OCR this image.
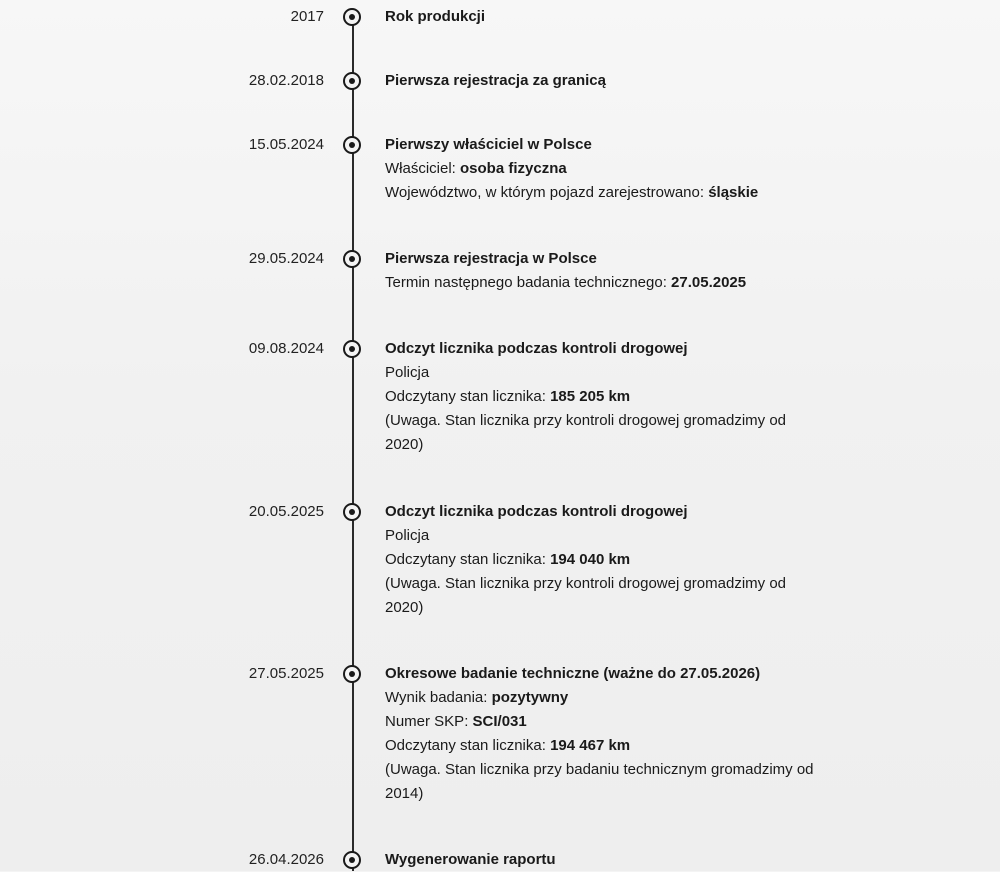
2017	Rok produkcji
28.02.2018	Pierwsza rejestracja za granicą
15.05.2024	Pierwszy właściciel w Polsce
Właściciel: osoba fizyczna
Województwo, w którym pojazd zarejestrowano: śląskie
29.05.2024	Pierwsza rejestracja w Polsce
Termin następnego badania technicznego: 27.05.2025
09.08.2024	Odczyt licznika podczas kontroli drogowej
Policja
Odczytany stan licznika: 185 205 km
(Uwaga. Stan licznika przy kontroli drogowej gromadzimy od
2020)
20.05.2025	Odczyt licznika podczas kontroli drogowej
Policja
Odczytany stan licznika: 194 040 km
(Uwaga. Stan licznika przy kontroli drogowej gromadzimy od
2020)
27.05.2025	Okresowe badanie techniczne (ważne do 27.05.2026)
Wynik badania: pozytywny
Numer SKP: SCI/031
Odczytany stan licznika: 194 467 km
(Uwaga. Stan licznika przy badaniu technicznym gromadzimy od
2014)
26.04.2026	Wygenerowanie raportu
